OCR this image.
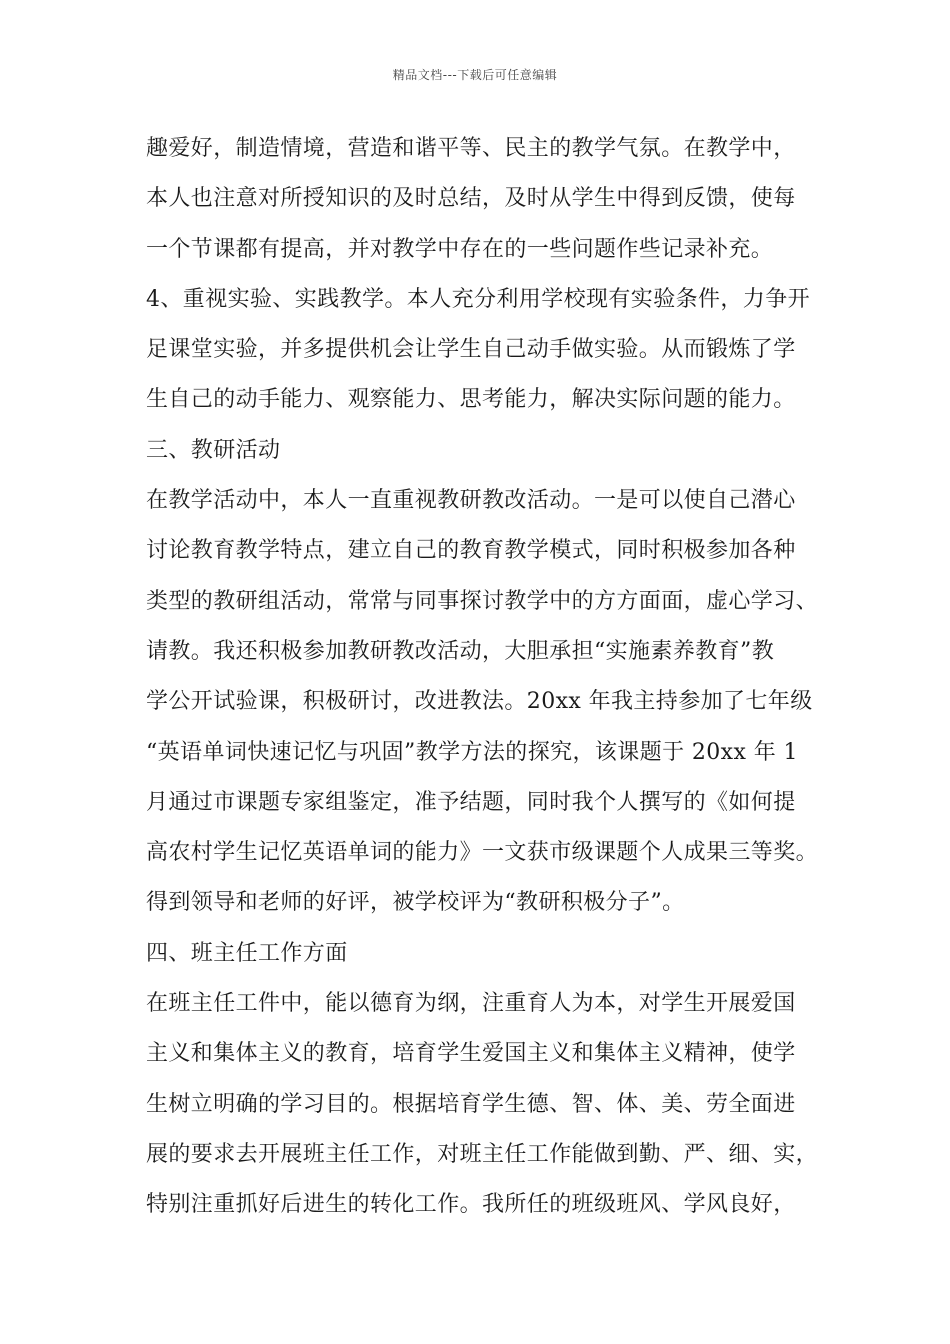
精品文档---下载后可任意编辑
趣爱好，制造情境，营造和谐平等、民主的教学气氛。在教学中，
本人也注意对所授知识的及时总结，及时从学生中得到反馈，使每
一个节课都有提高，并对教学中存在的一些问题作些记录补充。
4、重视实验、实践教学。本人充分利用学校现有实验条件，力争开
足课堂实验，并多提供机会让学生自己动手做实验。从而锻炼了学
生自己的动手能力、观察能力、思考能力，解决实际问题的能力。
三、教研活动
在教学活动中，本人一直重视教研教改活动。一是可以使自己潜心
讨论教育教学特点，建立自己的教育教学模式，同时积极参加各种
类型的教研组活动，常常与同事探讨教学中的方方面面，虚心学习、
请教。我还积极参加教研教改活动，大胆承担“实施素养教育”教
学公开试验课，积极研讨，改进教法。20xx 年我主持参加了七年级
“英语单词快速记忆与巩固”教学方法的探究，该课题于 20xx 年 1
月通过市课题专家组鉴定，准予结题，同时我个人撰写的《如何提
高农村学生记忆英语单词的能力》一文获市级课题个人成果三等奖。
得到领导和老师的好评，被学校评为“教研积极分子”。
四、班主任工作方面
在班主任工件中，能以德育为纲，注重育人为本，对学生开展爱国
主义和集体主义的教育，培育学生爱国主义和集体主义精神，使学
生树立明确的学习目的。根据培育学生德、智、体、美、劳全面进
展的要求去开展班主任工作，对班主任工作能做到勤、严、细、实，
特别注重抓好后进生的转化工作。我所任的班级班风、学风良好，
